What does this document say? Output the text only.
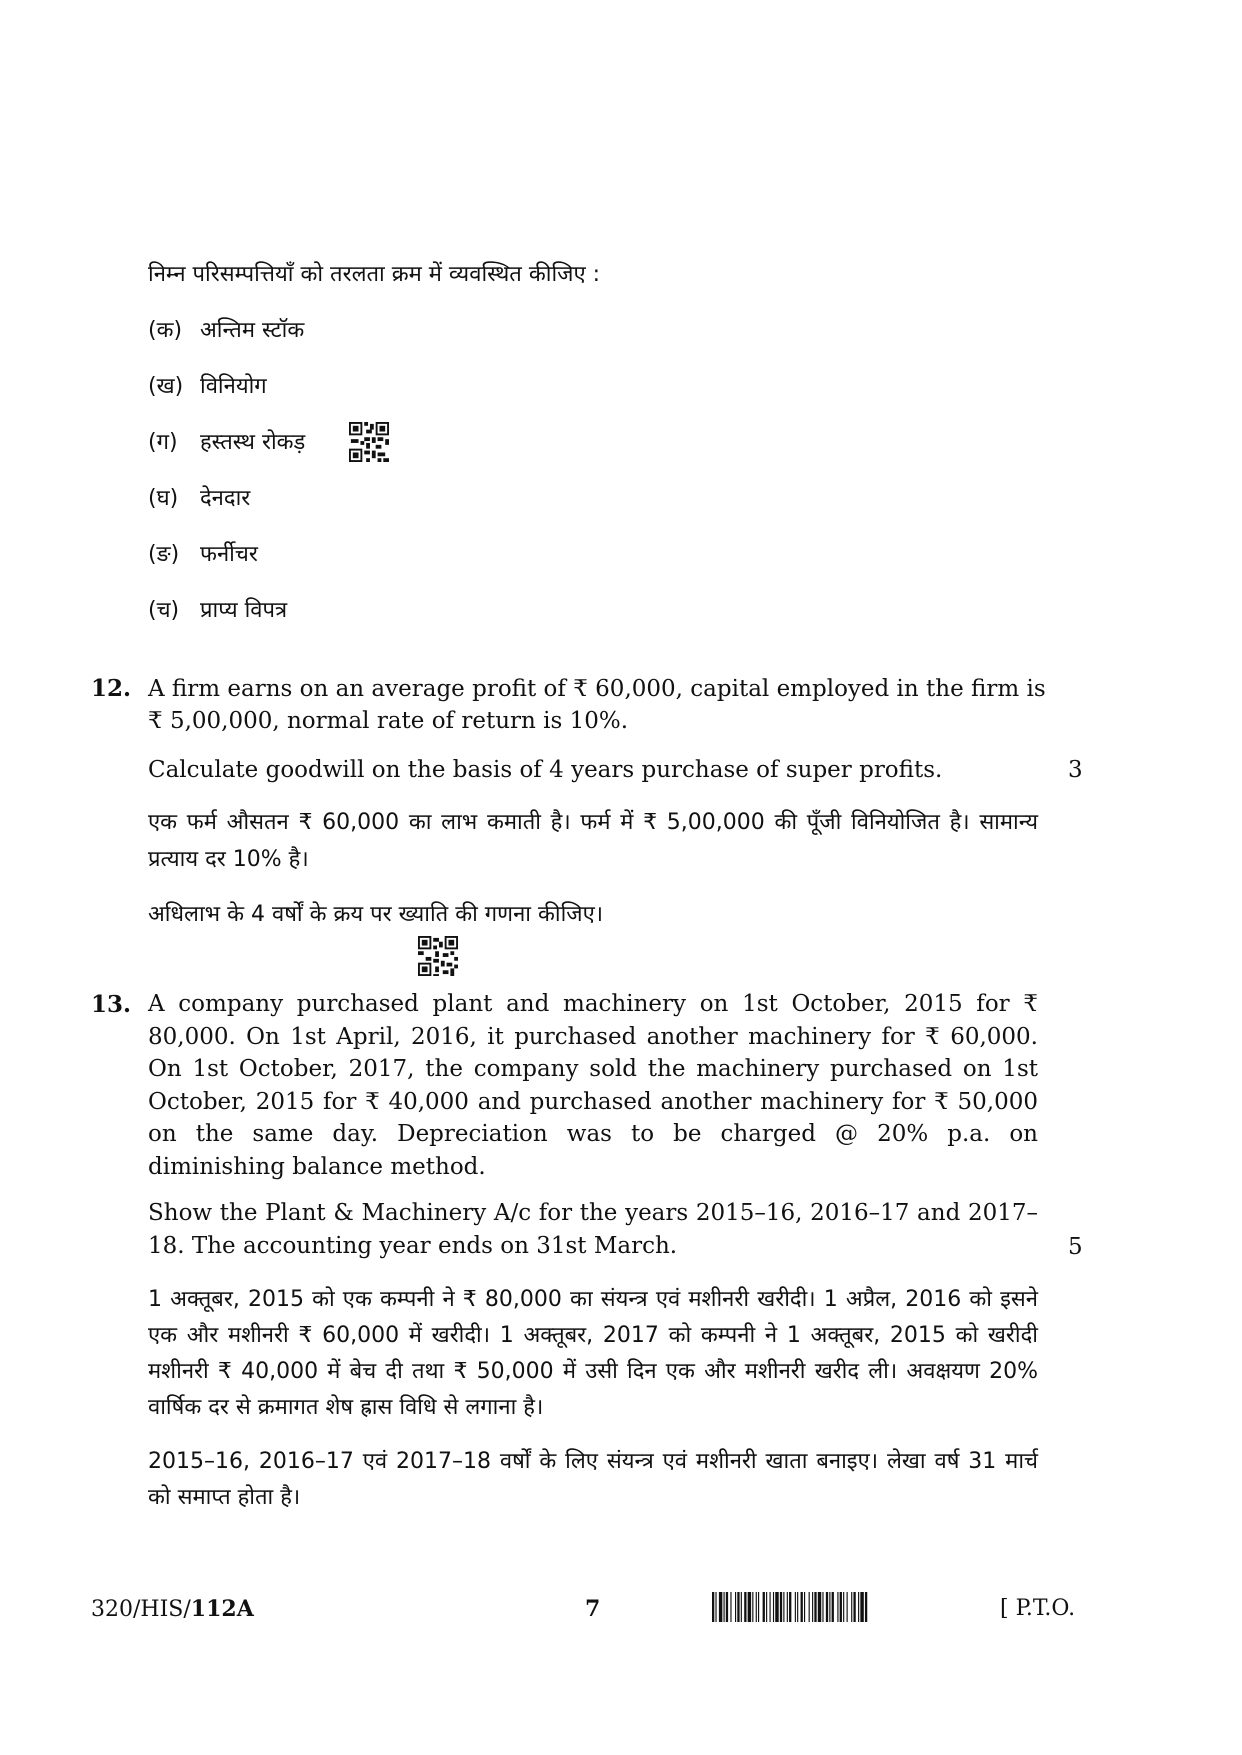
निम्न परिसम्पत्तियाँ को तरलता क्रम में व्यवस्थित कीजिए :
(क) अन्तिम स्टॉक
(ख) विनियोग
(ग) हस्तस्थ रोकड़
(घ) देनदार
(ङ) फर्नीचर
(च) प्राप्य विपत्र
12. A firm earns on an average profit of ₹ 60,000, capital employed in the firm is
₹ 5,00,000, normal rate of return is 10%.
Calculate goodwill on the basis of 4 years purchase of super profits.	3
एक फर्म औसतन ₹ 60,000 का लाभ कमाती है। फर्म में ₹ 5,00,000 की पूँजी विनियोजित है। सामान्य प्रत्याय दर 10% है।
अधिलाभ के 4 वर्षों के क्रय पर ख्याति की गणना कीजिए।
13. A company purchased plant and machinery on 1st October, 2015 for ₹ 80,000. On 1st April, 2016, it purchased another machinery for ₹ 60,000. On 1st October, 2017, the company sold the machinery purchased on 1st October, 2015 for ₹ 40,000 and purchased another machinery for ₹ 50,000 on the same day. Depreciation was to be charged @ 20% p.a. on diminishing balance method.
Show the Plant & Machinery A/c for the years 2015–16, 2016–17 and 2017–18. The accounting year ends on 31st March.	5
1 अक्तूबर, 2015 को एक कम्पनी ने ₹ 80,000 का संयन्त्र एवं मशीनरी खरीदी। 1 अप्रैल, 2016 को इसने एक और मशीनरी ₹ 60,000 में खरीदी। 1 अक्तूबर, 2017 को कम्पनी ने 1 अक्तूबर, 2015 को खरीदी मशीनरी ₹ 40,000 में बेच दी तथा ₹ 50,000 में उसी दिन एक और मशीनरी खरीद ली। अवक्षयण 20% वार्षिक दर से क्रमागत शेष ह्रास विधि से लगाना है।
2015–16, 2016–17 एवं 2017–18 वर्षों के लिए संयन्त्र एवं मशीनरी खाता बनाइए। लेखा वर्ष 31 मार्च को समाप्त होता है।
320/HIS/112A	7	[ P.T.O.
